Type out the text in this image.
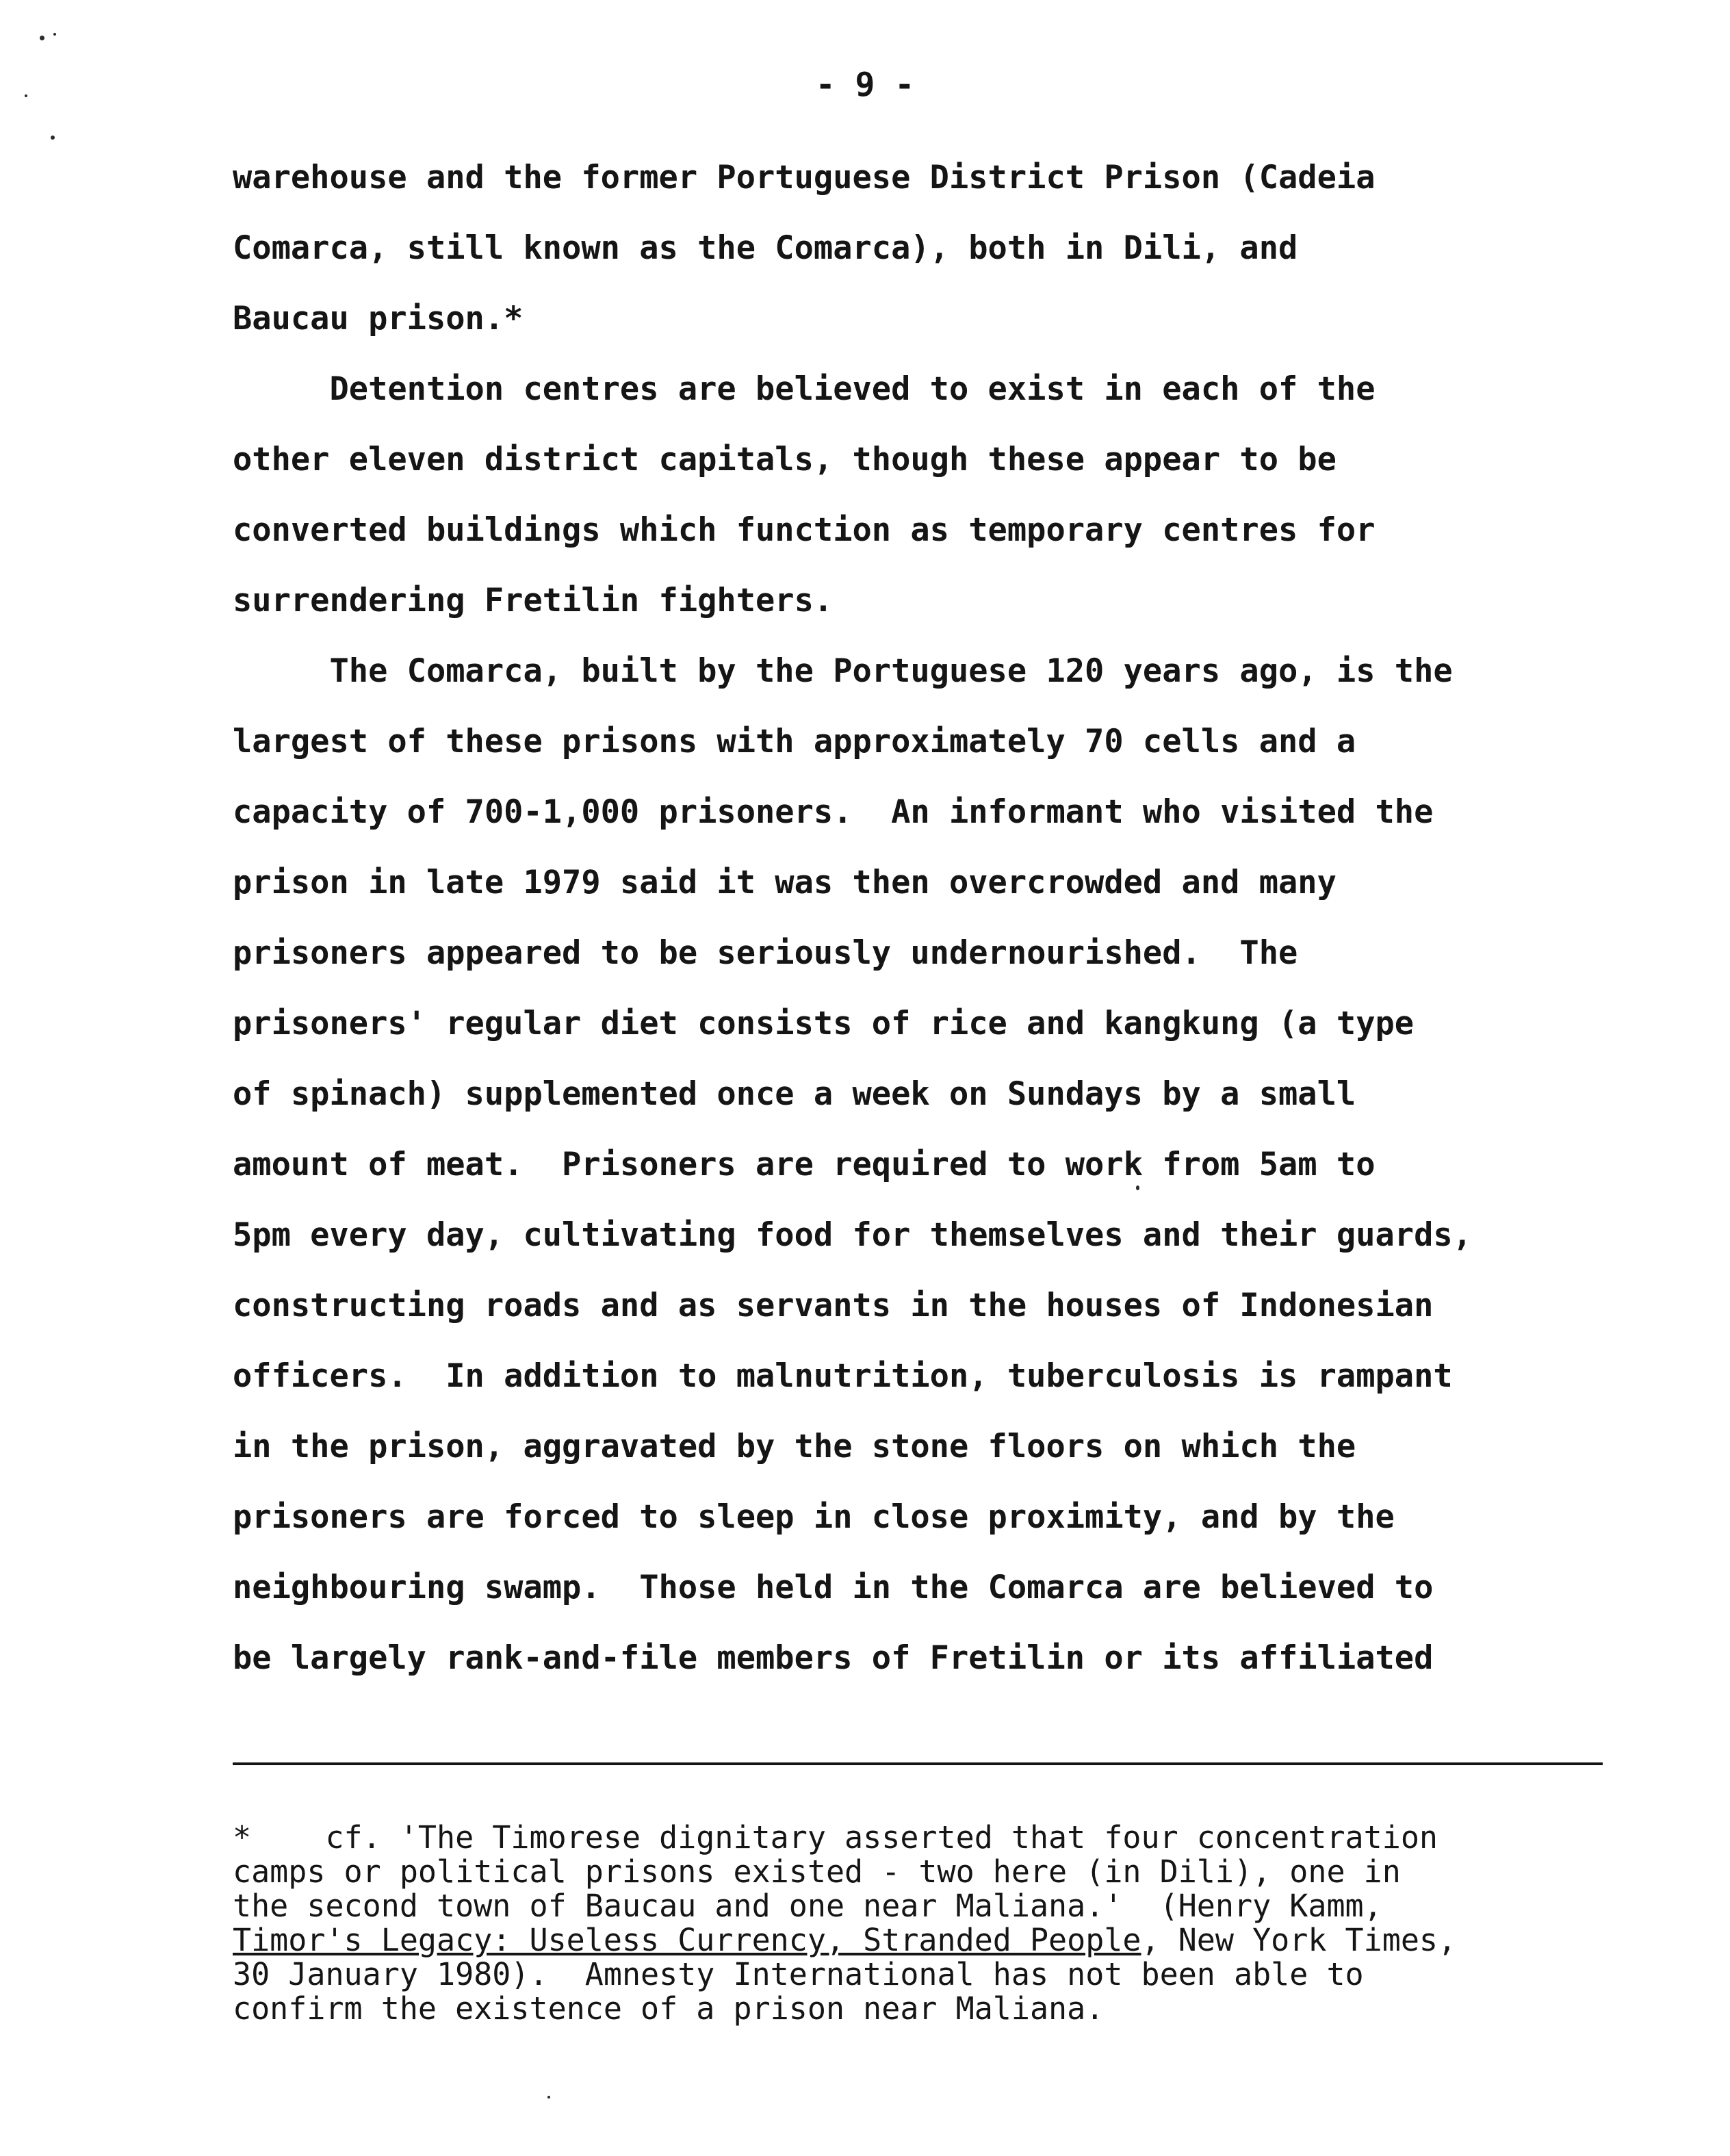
- 9 -
warehouse and the former Portuguese District Prison (Cadeia
Comarca, still known as the Comarca), both in Dili, and
Baucau prison.*
Detention centres are believed to exist in each of the
other eleven district capitals, though these appear to be
converted buildings which function as temporary centres for
surrendering Fretilin fighters.
The Comarca, built by the Portuguese 120 years ago, is the
largest of these prisons with approximately 70 cells and a
capacity of 700-1,000 prisoners.  An informant who visited the
prison in late 1979 said it was then overcrowded and many
prisoners appeared to be seriously undernourished.  The
prisoners' regular diet consists of rice and kangkung (a type
of spinach) supplemented once a week on Sundays by a small
amount of meat.  Prisoners are required to work from 5am to
5pm every day, cultivating food for themselves and their guards,
constructing roads and as servants in the houses of Indonesian
officers.  In addition to malnutrition, tuberculosis is rampant
in the prison, aggravated by the stone floors on which the
prisoners are forced to sleep in close proximity, and by the
neighbouring swamp.  Those held in the Comarca are believed to
be largely rank-and-file members of Fretilin or its affiliated
*    cf. 'The Timorese dignitary asserted that four concentration
camps or political prisons existed - two here (in Dili), one in
the second town of Baucau and one near Maliana.'  (Henry Kamm,
Timor's Legacy: Useless Currency, Stranded People, New York Times,
30 January 1980).  Amnesty International has not been able to
confirm the existence of a prison near Maliana.
